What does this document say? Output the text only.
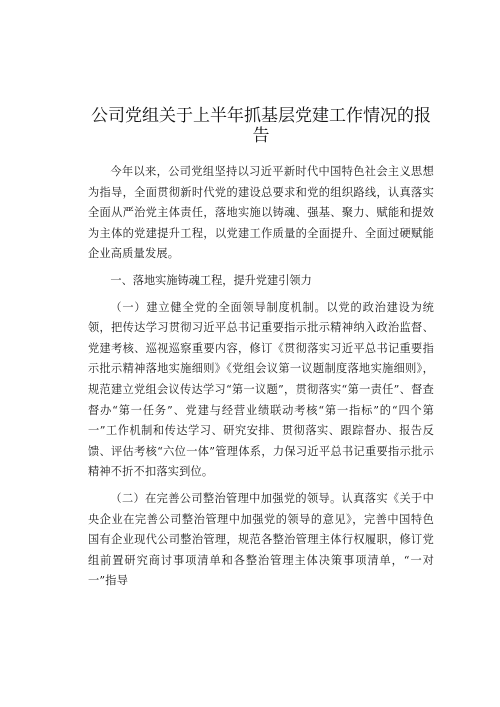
公司党组关于上半年抓基层党建工作情况的报告

今年以来，公司党组坚持以习近平新时代中国特色社会主义思想为指导，全面贯彻新时代党的建设总要求和党的组织路线，认真落实全面从严治党主体责任，落地实施以铸魂、强基、聚力、赋能和提效为主体的党建提升工程，以党建工作质量的全面提升、全面过硬赋能企业高质量发展。

一、落地实施铸魂工程，提升党建引领力

（一）建立健全党的全面领导制度机制。以党的政治建设为统领，把传达学习贯彻习近平总书记重要指示批示精神纳入政治监督、党建考核、巡视巡察重要内容，修订《贯彻落实习近平总书记重要指示批示精神落地实施细则》《党组会议第一议题制度落地实施细则》，规范建立党组会议传达学习“第一议题”，贯彻落实“第一责任”、督查督办“第一任务”、党建与经营业绩联动考核“第一指标”的“四个第一”工作机制和传达学习、研究安排、贯彻落实、跟踪督办、报告反馈、评估考核“六位一体”管理体系，力保习近平总书记重要指示批示精神不折不扣落实到位。

（二）在完善公司整治管理中加强党的领导。认真落实《关于中央企业在完善公司整治管理中加强党的领导的意见》，完善中国特色国有企业现代公司整治管理，规范各整治管理主体行权履职，修订党组前置研究商讨事项清单和各整治管理主体决策事项清单，“一对一”指导
